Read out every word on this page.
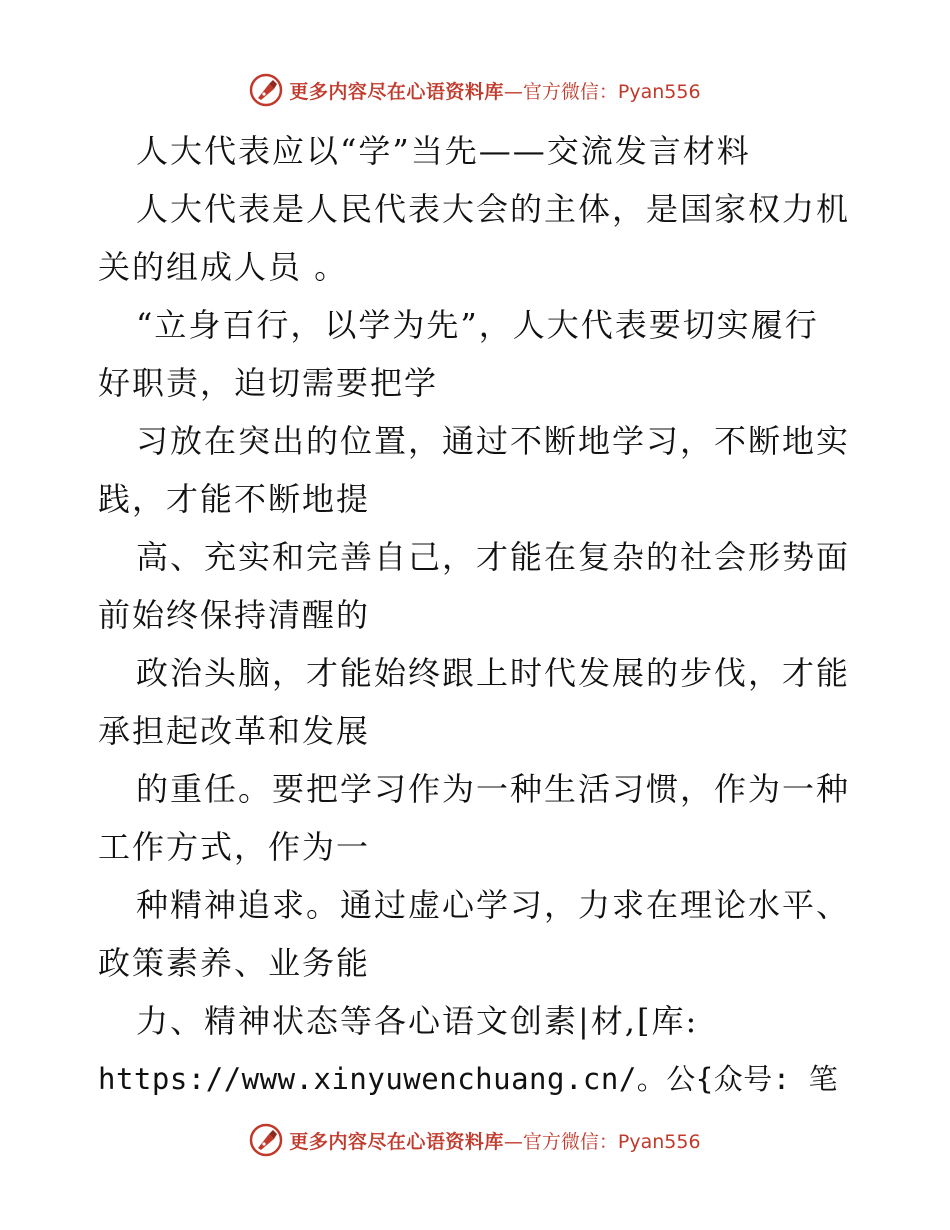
更多内容尽在心语资料库 —官方微信：Pyan556
人大代表应以“学”当先——交流发言材料
人大代表是人民代表大会的主体，是国家权力机
关的组成人员 。
“立身百行，以学为先”，人大代表要切实履行
好职责，迫切需要把学
习放在突出的位置，通过不断地学习，不断地实
践，才能不断地提
高、充实和完善自己，才能在复杂的社会形势面
前始终保持清醒的
政治头脑，才能始终跟上时代发展的步伐，才能
承担起改革和发展
的重任。要把学习作为一种生活习惯，作为一种
工作方式，作为一
种精神追求。通过虚心学习，力求在理论水平、
政策素养、业务能
力、精神状态等各心语文创素|材,[库:
https://www.xinyuwenchuang.cn/。公{众号: 笔
更多内容尽在心语资料库 —官方微信：Pyan556
